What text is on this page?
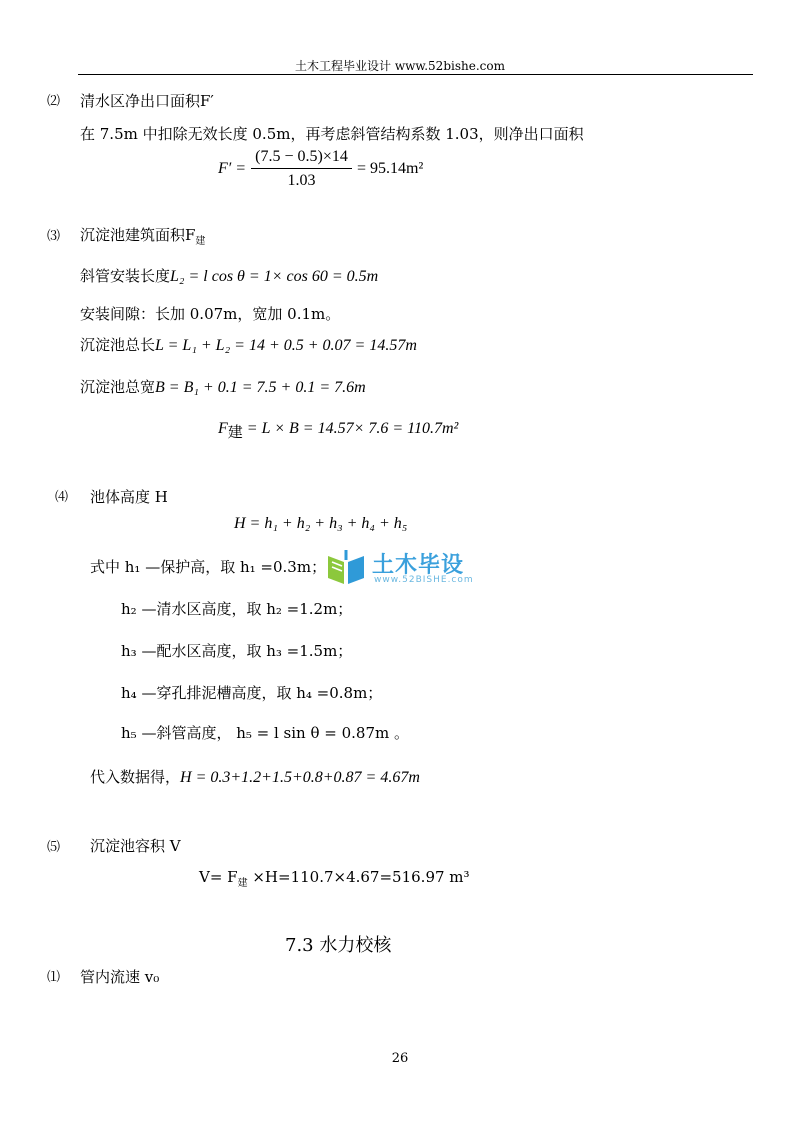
土木工程毕业设计 www.52bishe.com
⑵ 清水区净出口面积F′
在 7.5m 中扣除无效长度 0.5m，再考虑斜管结构系数 1.03，则净出口面积
$F' = \frac{(7.5 - 0.5)\times 14}{1.03} = 95.14m^2$
⑶ 沉淀池建筑面积$F_建$
斜管安装长度L₂ = l cos θ = 1× cos 60 = 0.5m
安装间隙：长加 0.07m，宽加 0.1m。
沉淀池总长L = L₁ + L₂ = 14 + 0.5 + 0.07 = 14.57m
沉淀池总宽B = B₁ + 0.1 = 7.5 + 0.1 = 7.6m
$F_建 = L \times B = 14.57\times 7.6 = 110.7m^2$
⑷ 池体高度 H
H = h₁ + h₂ + h₃ + h₄ + h₅
式中 h₁ —保护高，取 h₁ =0.3m；
h₂ —清水区高度，取 h₂ =1.2m；
h₃ —配水区高度，取 h₃ =1.5m；
h₄ —穿孔排泥槽高度，取 h₄ =0.8m；
h₅ —斜管高度， h₅ = l sin θ = 0.87m 。
代入数据得，H = 0.3+1.2+1.5+0.8+0.87 = 4.67m
⑸ 沉淀池容积 V
$V= F_建 \times H=110.7\times 4.67=516.97$ m³
7.3 水力校核
⑴ 管内流速 v₀
土木毕设
www.52BISHE.com
26
